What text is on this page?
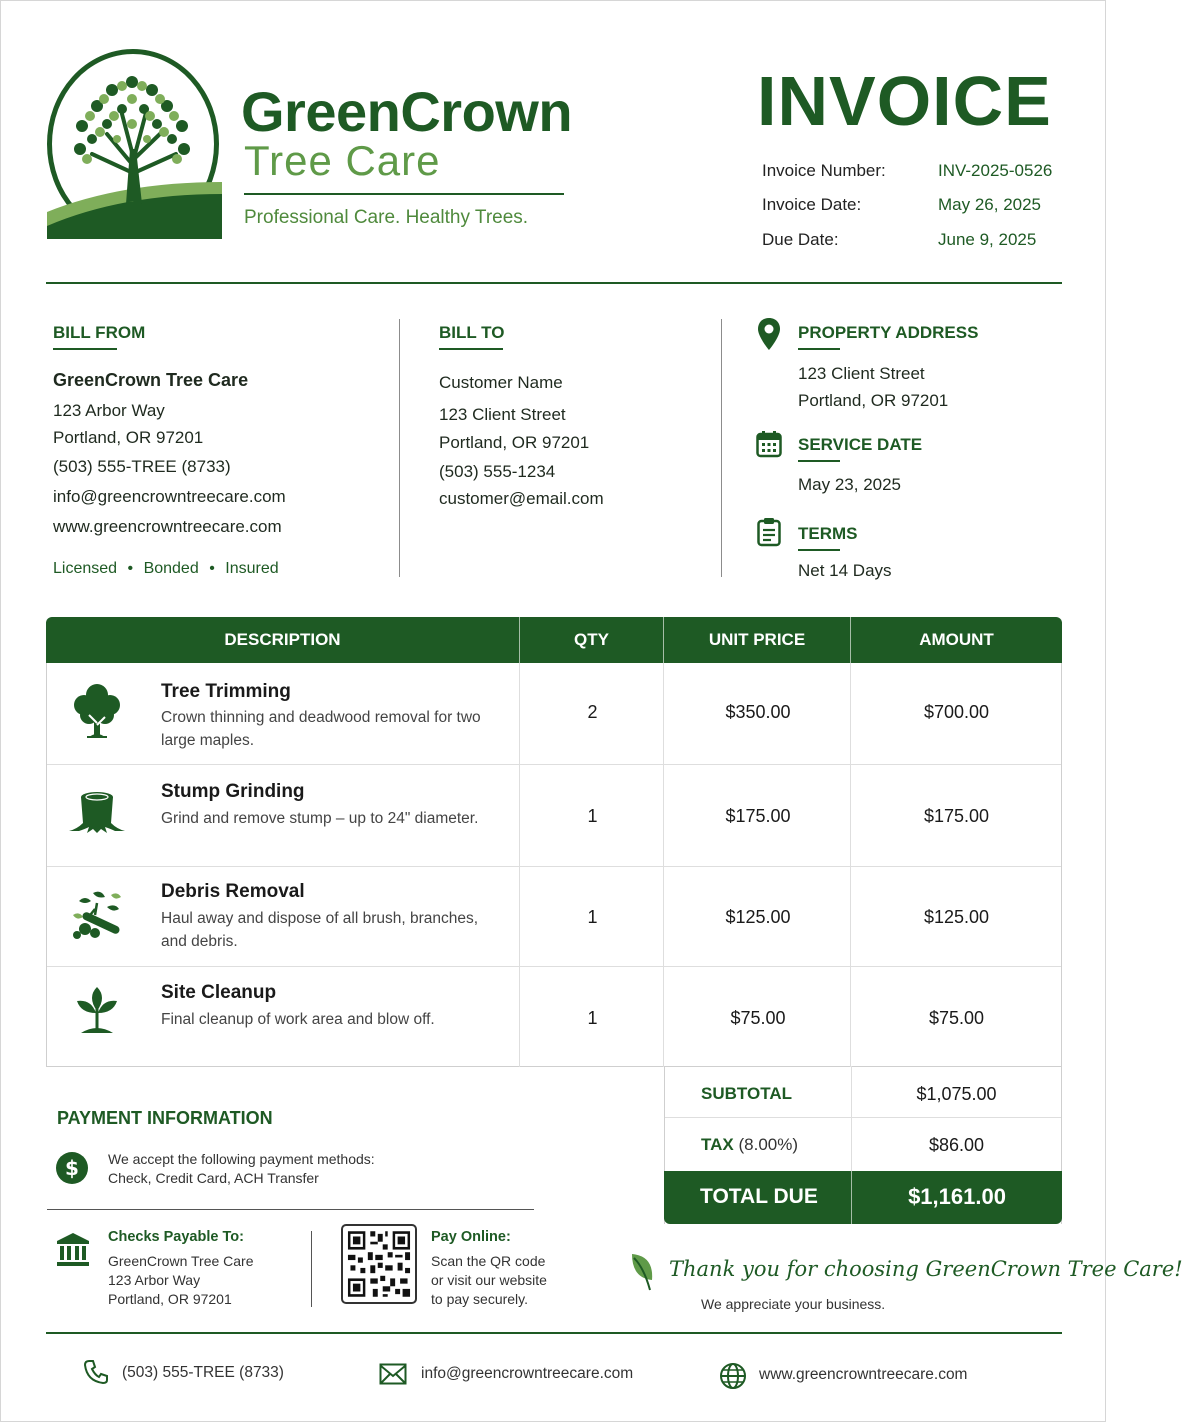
GreenCrown
Tree Care
Professional Care. Healthy Trees.
INVOICE
Invoice Number:	INV-2025-0526
Invoice Date:	May 26, 2025
Due Date:	June 9, 2025
BILL FROM
GreenCrown Tree Care
123 Arbor Way
Portland, OR 97201
(503) 555-TREE (8733)
info@greencrowntreecare.com
www.greencrowntreecare.com
Licensed • Bonded • Insured
BILL TO
Customer Name
123 Client Street
Portland, OR 97201
(503) 555-1234
customer@email.com
PROPERTY ADDRESS
123 Client Street
Portland, OR 97201
SERVICE DATE
May 23, 2025
TERMS
Net 14 Days
DESCRIPTION	QTY	UNIT PRICE	AMOUNT
Tree Trimming
Crown thinning and deadwood removal for two large maples.
2	$350.00	$700.00
Stump Grinding
Grind and remove stump – up to 24" diameter.	1	$175.00	$175.00
Debris Removal
Haul away and dispose of all brush, branches, and debris.
1	$125.00	$125.00
Site Cleanup
Final cleanup of work area and blow off.	1	$75.00	$75.00
SUBTOTAL	$1,075.00
TAX (8.00%)	$86.00
TOTAL DUE	$1,161.00
PAYMENT INFORMATION
$ We accept the following payment methods:
Check, Credit Card, ACH Transfer
Checks Payable To:
GreenCrown Tree Care
123 Arbor Way
Portland, OR 97201
Pay Online:
Scan the QR code
or visit our website
to pay securely.
Thank you for choosing GreenCrown Tree Care!
We appreciate your business.
(503) 555-TREE (8733)	info@greencrowntreecare.com	www.greencrowntreecare.com
